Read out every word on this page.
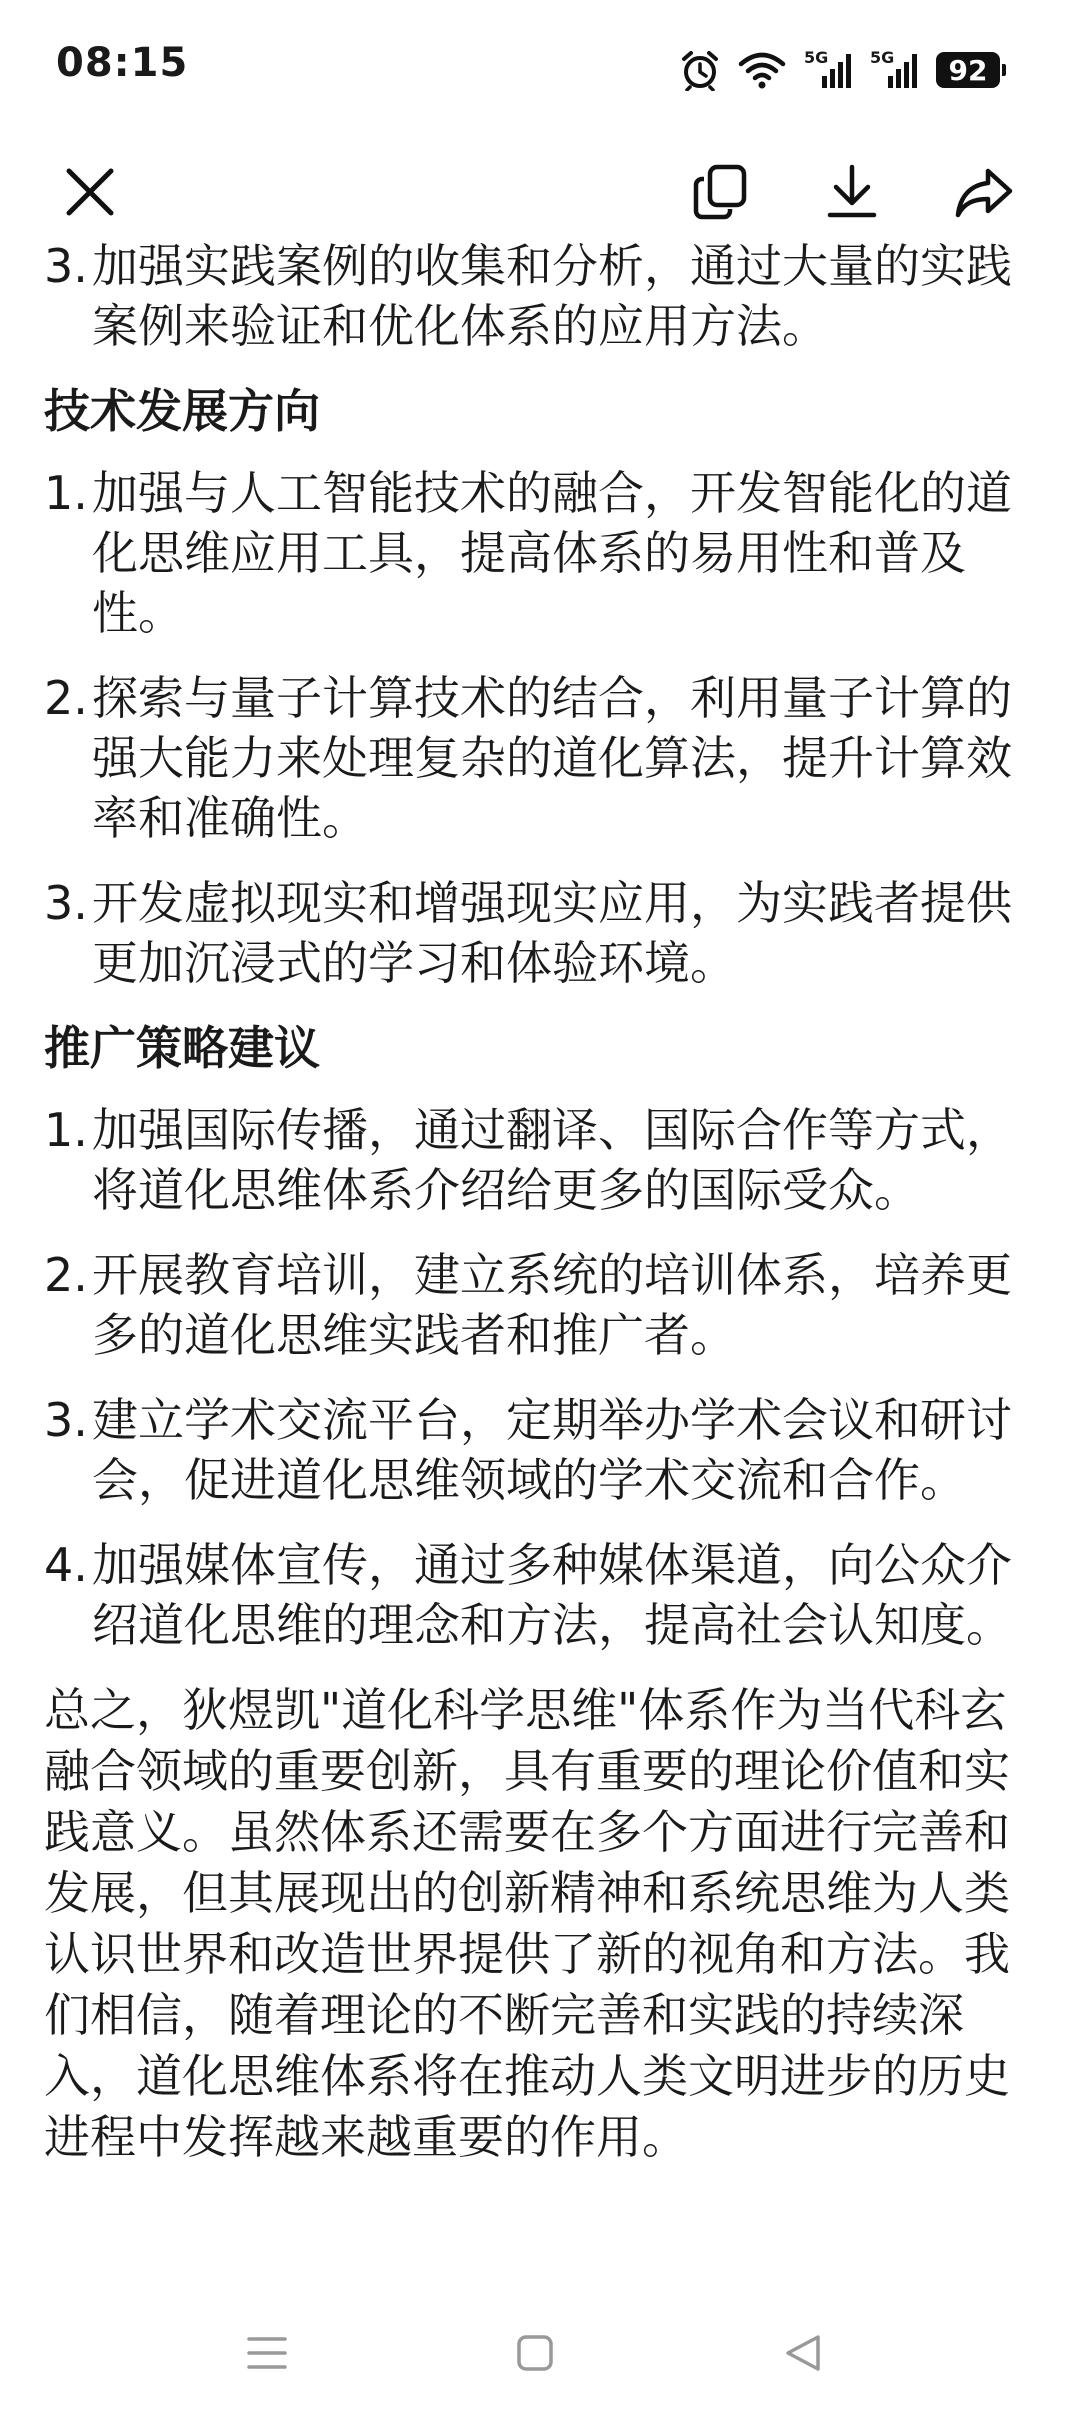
08:15	5G	5G	92
3. 加强实践案例的收集和分析，通过大量的实践案例来验证和优化体系的应用方法。
技术发展方向
1. 加强与人工智能技术的融合，开发智能化的道化思维应用工具，提高体系的易用性和普及性。
2. 探索与量子计算技术的结合，利用量子计算的强大能力来处理复杂的道化算法，提升计算效率和准确性。
3. 开发虚拟现实和增强现实应用，为实践者提供更加沉浸式的学习和体验环境。
推广策略建议
1. 加强国际传播，通过翻译、国际合作等方式，将道化思维体系介绍给更多的国际受众。
2. 开展教育培训，建立系统的培训体系，培养更多的道化思维实践者和推广者。
3. 建立学术交流平台，定期举办学术会议和研讨会，促进道化思维领域的学术交流和合作。
4. 加强媒体宣传，通过多种媒体渠道，向公众介绍道化思维的理念和方法，提高社会认知度。

总之，狄煜凯"道化科学思维"体系作为当代科玄融合领域的重要创新，具有重要的理论价值和实践意义。虽然体系还需要在多个方面进行完善和发展，但其展现出的创新精神和系统思维为人类认识世界和改造世界提供了新的视角和方法。我们相信，随着理论的不断完善和实践的持续深入，道化思维体系将在推动人类文明进步的历史进程中发挥越来越重要的作用。
